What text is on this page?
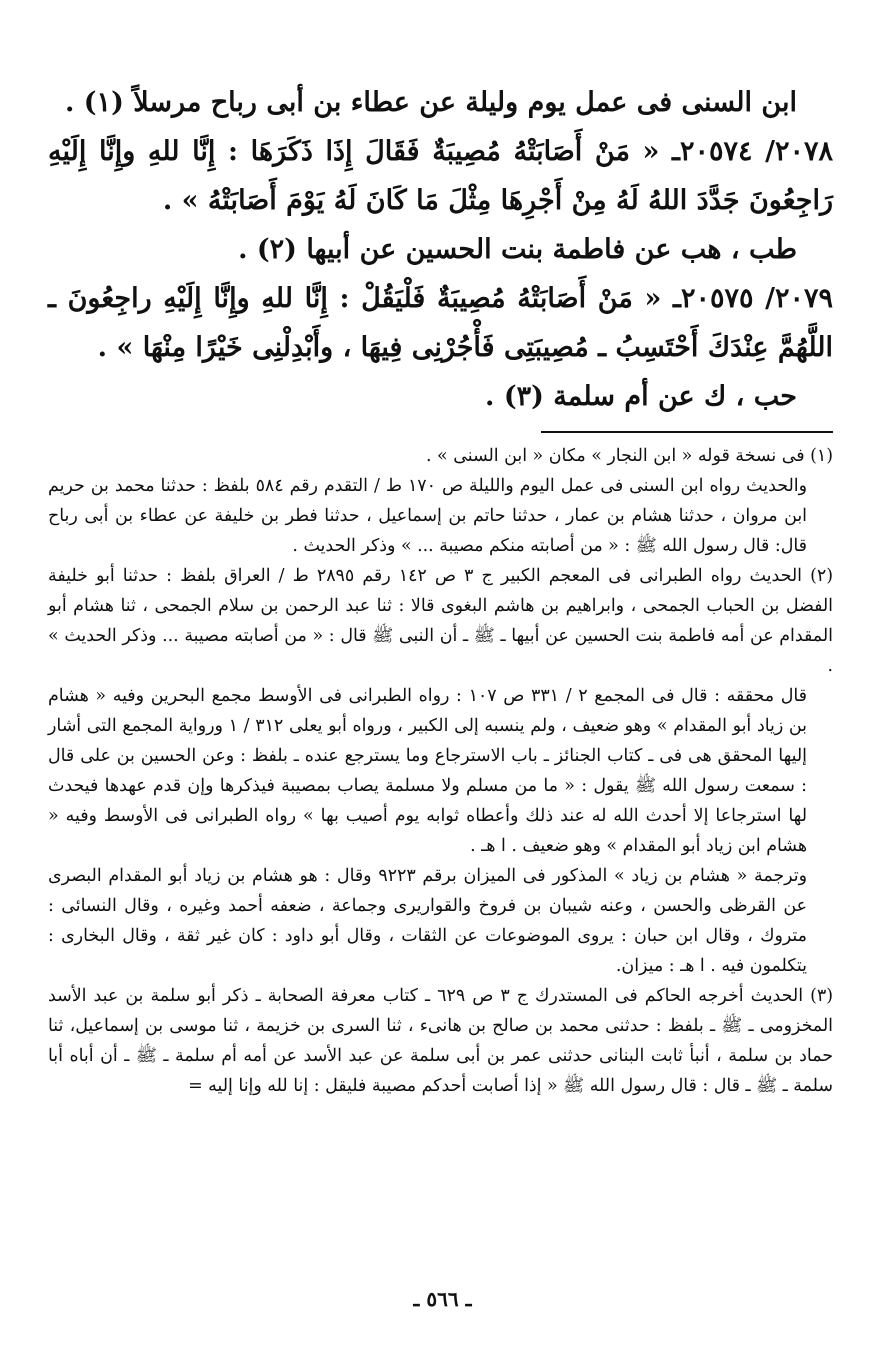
ابن السنى فى عمل يوم وليلة عن عطاء بن أبى رباح مرسلاً (١) .

٢٠٧٨/ ٢٠٥٧٤ـ « مَنْ أَصَابَتْهُ مُصِيبَةٌ فَقَالَ إِذَا ذَكَرَهَا : إِنَّا للهِ وإِنَّا إِلَيْهِ رَاجِعُونَ جَدَّدَ اللهُ لَهُ مِنْ أَجْرِهَا مِثْلَ مَا كَانَ لَهُ يَوْمَ أَصَابَتْهُ » .

طب ، هب عن فاطمة بنت الحسين عن أبيها (٢) .

٢٠٧٩/ ٢٠٥٧٥ـ « مَنْ أَصَابَتْهُ مُصِيبَةٌ فَلْيَقُلْ : إِنَّا للهِ وإِنَّا إِلَيْهِ راجِعُونَ ـ اللَّهُمَّ عِنْدَكَ أَحْتَسِبُ ـ مُصِيبَتِى فَأْجُرْنِى فِيهَا ، وأَبْدِلْنِى خَيْرًا مِنْهَا » .

حب ، ك عن أم سلمة (٣) .

(١) فى نسخة قوله « ابن النجار » مكان « ابن السنى » .

والحديث رواه ابن السنى فى عمل اليوم والليلة ص ١٧٠ ط / التقدم رقم ٥٨٤ بلفظ : حدثنا محمد بن حريم ابن مروان ، حدثنا هشام بن عمار ، حدثنا حاتم بن إسماعيل ، حدثنا فطر بن خليفة عن عطاء بن أبى رباح قال: قال رسول الله ﷺ : « من أصابته منكم مصيبة ... » وذكر الحديث .

(٢) الحديث رواه الطبرانى فى المعجم الكبير ج ٣ ص ١٤٢ رقم ٢٨٩٥ ط / العراق بلفظ : حدثنا أبو خليفة الفضل بن الحباب الجمحى ، وابراهيم بن هاشم البغوى قالا : ثنا عبد الرحمن بن سلام الجمحى ، ثنا هشام أبو المقدام عن أمه فاطمة بنت الحسين عن أبيها ـ ﷺ ـ أن النبى ﷺ قال : « من أصابته مصيبة ... وذكر الحديث » .

قال محققه : قال فى المجمع ٢ / ٣٣١ ص ١٠٧ : رواه الطبرانى فى الأوسط مجمع البحرين وفيه « هشام بن زياد أبو المقدام » وهو ضعيف ، ولم ينسبه إلى الكبير ، ورواه أبو يعلى ٣١٢ / ١ ورواية المجمع التى أشار إليها المحقق هى فى ـ كتاب الجنائز ـ باب الاسترجاع وما يسترجع عنده ـ بلفظ : وعن الحسين بن على قال : سمعت رسول الله ﷺ يقول : « ما من مسلم ولا مسلمة يصاب بمصيبة فيذكرها وإن قدم عهدها فيحدث لها استرجاعا إلا أحدث الله له عند ذلك وأعطاه ثوابه يوم أصيب بها » رواه الطبرانى فى الأوسط وفيه « هشام ابن زياد أبو المقدام » وهو ضعيف . ا هـ .

وترجمة « هشام بن زياد » المذكور فى الميزان برقم ٩٢٢٣ وقال : هو هشام بن زياد أبو المقدام البصرى عن القرظى والحسن ، وعنه شيبان بن فروخ والقواريرى وجماعة ، ضعفه أحمد وغيره ، وقال النسائى : متروك ، وقال ابن حبان : يروى الموضوعات عن الثقات ، وقال أبو داود : كان غير ثقة ، وقال البخارى : يتكلمون فيه . ا هـ : ميزان.

(٣) الحديث أخرجه الحاكم فى المستدرك ج ٣ ص ٦٢٩ ـ كتاب معرفة الصحابة ـ ذكر أبو سلمة بن عبد الأسد المخزومى ـ ﷺ ـ بلفظ : حدثنى محمد بن صالح بن هانىء ، ثنا السرى بن خزيمة ، ثنا موسى بن إسماعيل، ثنا حماد بن سلمة ، أنبأ ثابت البنانى حدثنى عمر بن أبى سلمة عن عبد الأسد عن أمه أم سلمة ـ ﷺ ـ أن أباه أبا سلمة ـ ﷺ ـ قال : قال رسول الله ﷺ « إذا أصابت أحدكم مصيبة فليقل : إنا لله وإنا إليه =

ـ ٥٦٦ ـ
